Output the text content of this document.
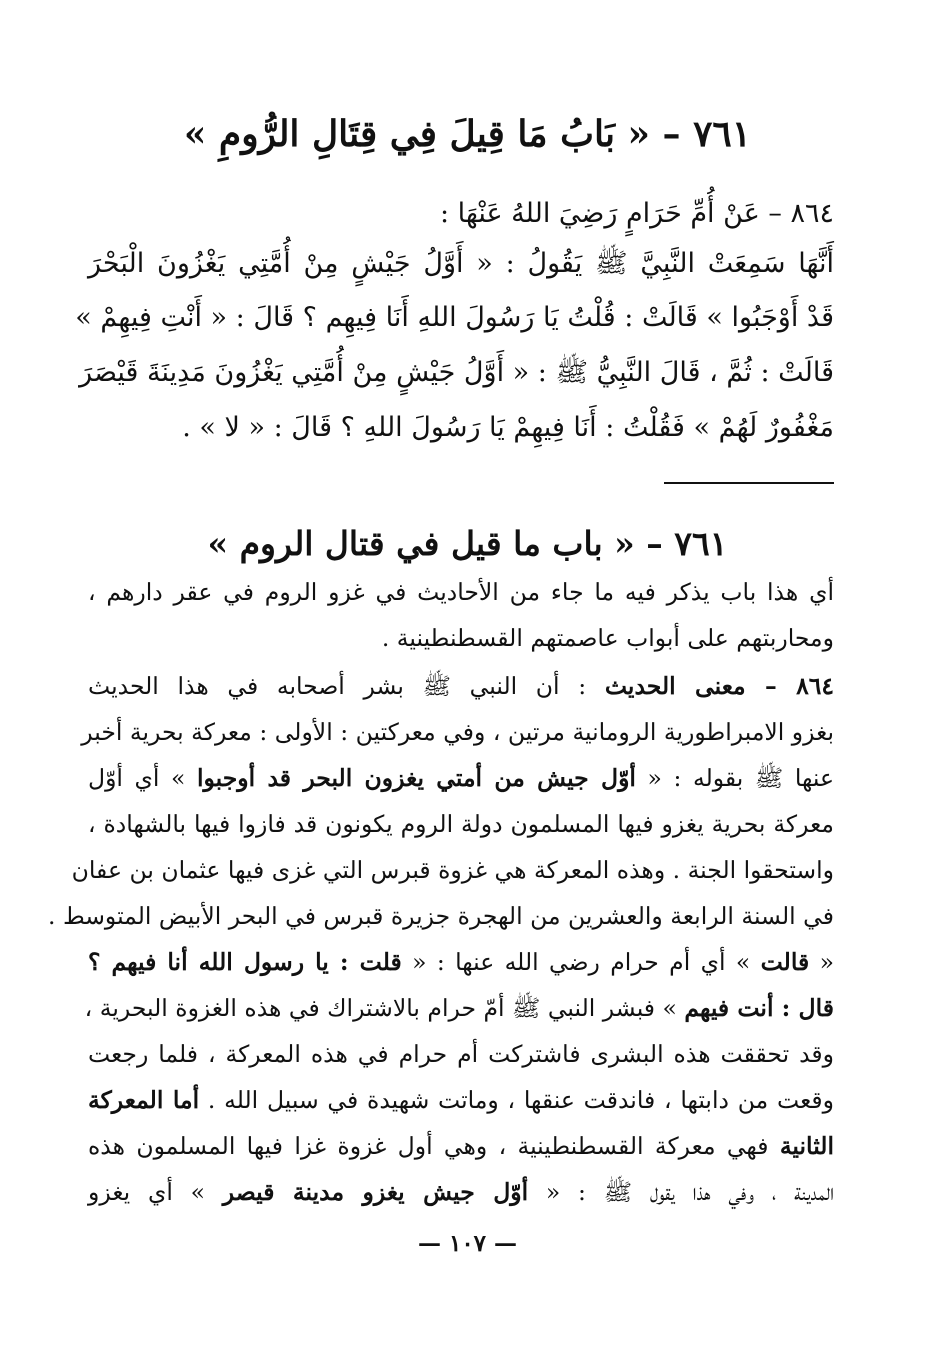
٧٦١ – « بَابُ مَا قِيلَ فِي قِتَالِ الرُّومِ »
٨٦٤ – عَنْ أُمِّ حَرَامٍ رَضِيَ اللهُ عَنْهَا :
أَنَّهَا سَمِعَتْ النَّبِيَّ ﷺ يَقُولُ : « أَوَّلُ جَيْشٍ مِنْ أُمَّتِي يَغْزُونَ الْبَحْرَ
قَدْ أَوْجَبُوا » قَالَتْ : قُلْتُ يَا رَسُولَ اللهِ أَنَا فِيهِم ؟ قَالَ : « أَنْتِ فِيهِمْ »
قَالَتْ : ثُمَّ ، قَالَ النَّبِيُّ ﷺ : « أَوَّلُ جَيْشٍ مِنْ أُمَّتِي يَغْزُونَ مَدِينَةَ قَيْصَرَ
مَغْفُورٌ لَهُمْ » فَقُلْتُ : أَنَا فِيهِمْ يَا رَسُولَ اللهِ ؟ قَالَ : « لا » .
٧٦١ – « باب ما قيل في قتال الروم »
أي هذا باب يذكر فيه ما جاء من الأحاديث في غزو الروم في عقر دارهم ،
ومحاربتهم على أبواب عاصمتهم القسطنطينية .
٨٦٤ – معنى الحديث : أن النبي ﷺ بشر أصحابه في هذا الحديث
بغزو الامبراطورية الرومانية مرتين ، وفي معركتين : الأولى : معركة بحرية أخبر
عنها ﷺ بقوله : « أوّل جيش من أمتي يغزون البحر قد أوجبوا » أي أوّل
معركة بحرية يغزو فيها المسلمون دولة الروم يكونون قد فازوا فيها بالشهادة ،
واستحقوا الجنة . وهذه المعركة هي غزوة قبرس التي غزى فيها عثمان بن عفان
في السنة الرابعة والعشرين من الهجرة جزيرة قبرس في البحر الأبيض المتوسط .
« قالت » أي أم حرام رضي الله عنها : « قلت : يا رسول الله أنا فيهم ؟
قال : أنت فيهم » فبشر النبي ﷺ أمّ حرام بالاشتراك في هذه الغزوة البحرية ،
وقد تحققت هذه البشرى فاشتركت أم حرام في هذه المعركة ، فلما رجعت
وقعت من دابتها ، فاندقت عنقها ، وماتت شهيدة في سبيل الله . أما المعركة
الثانية فهي معركة القسطنطينية ، وهي أول غزوة غزا فيها المسلمون هذه
المدينة ، وفي هذا يقول ﷺ : « أوّل جيش يغزو مدينة قيصر » أي يغزو
— ١٠٧ —
